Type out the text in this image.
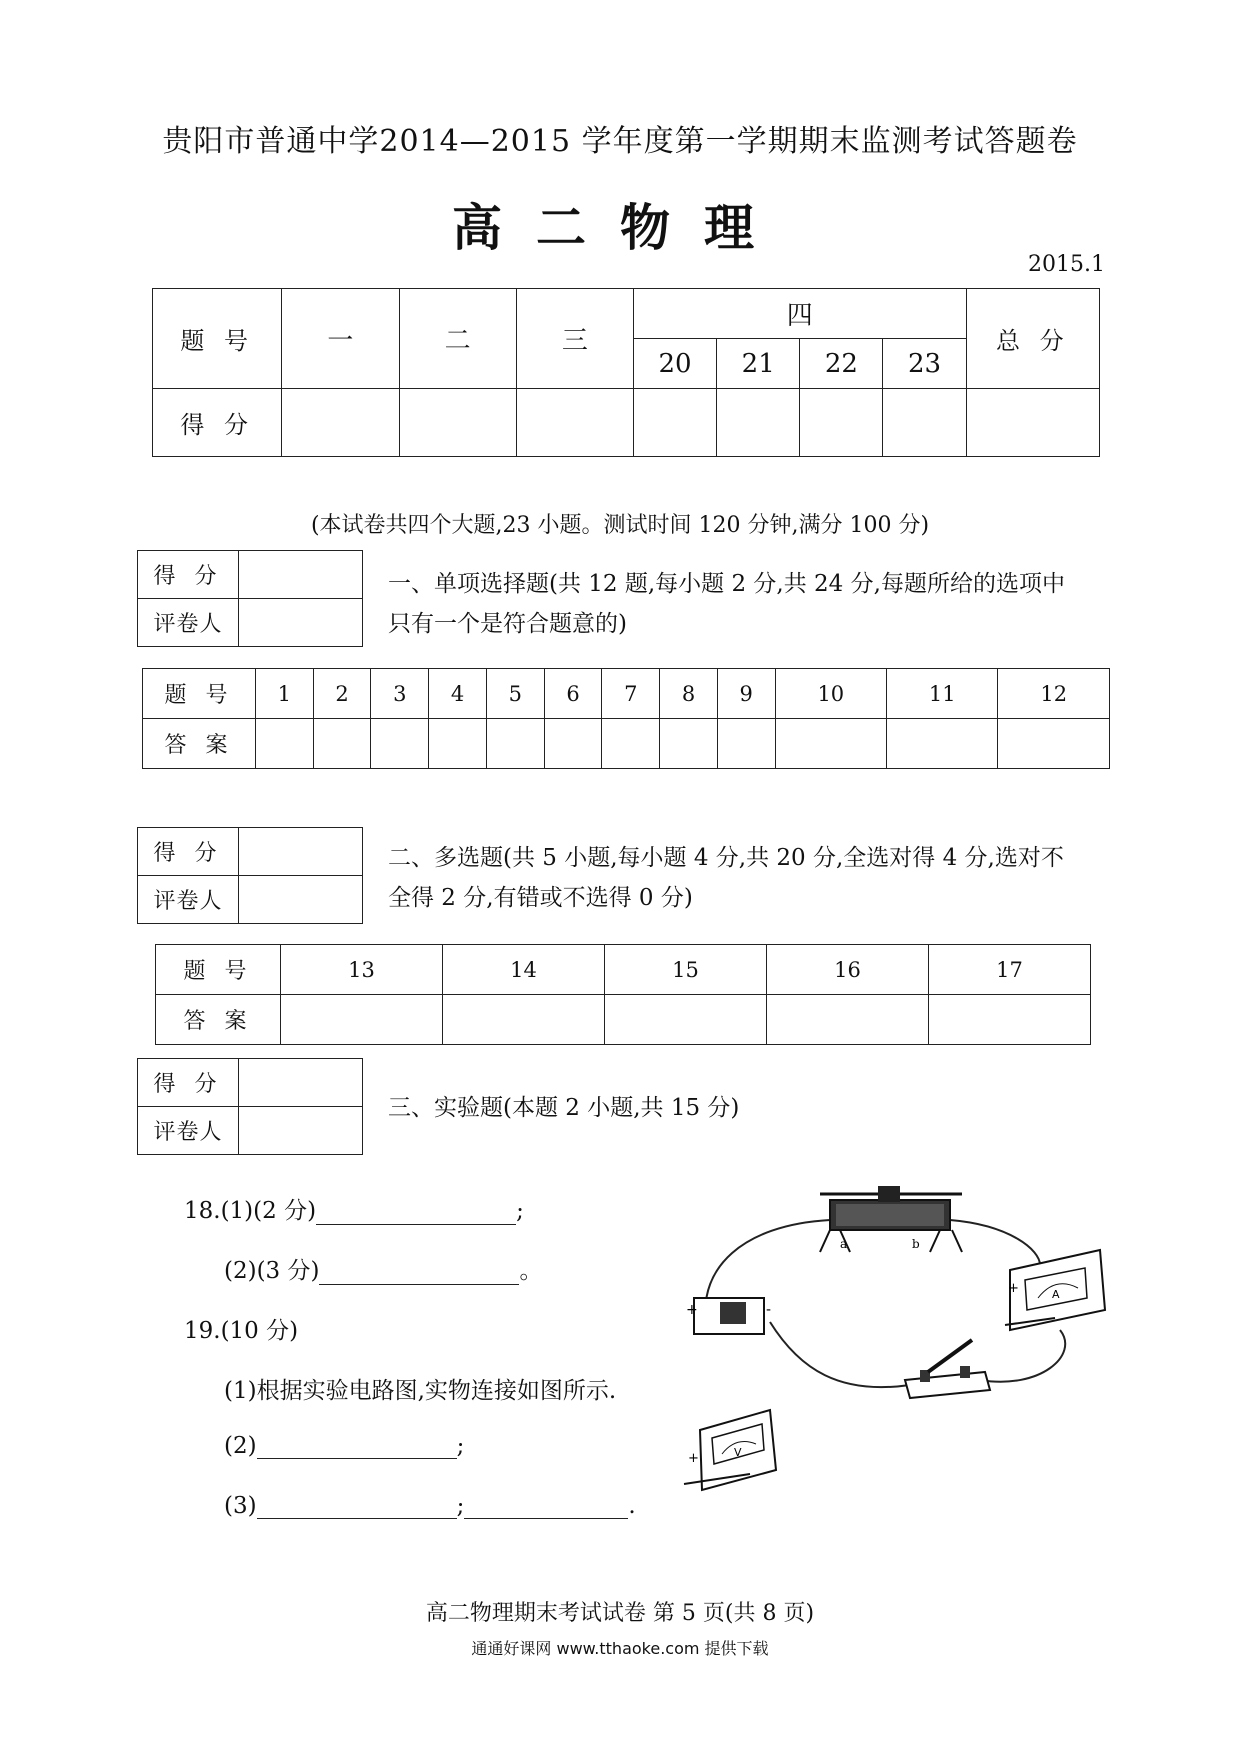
贵阳市普通中学2014—2015 学年度第一学期期末监测考试答题卷
高二物理
2015.1
题 号	一	二	三	四				总 分
				20	21	22	23	
得 分								
(本试卷共四个大题,23 小题。测试时间 120 分钟,满分 100 分)
得 分	
评卷人	
一、单项选择题(共 12 题,每小题 2 分,共 24 分,每题所给的选项中
只有一个是符合题意的)
题 号	1	2	3	4	5	6	7	8	9	10	11	12
答 案												
得 分	
评卷人	
二、多选题(共 5 小题,每小题 4 分,共 20 分,全选对得 4 分,选对不
全得 2 分,有错或不选得 0 分)
题 号	13	14	15	16	17
答 案					
得 分	
评卷人	
三、实验题(本题 2 小题,共 15 分)
18.(1)(2 分)	;
(2)(3 分)	。
19.(10 分)
(1)根据实验电路图,实物连接如图所示.
(2)	;
(3)	;	.
a	b
+	-
A
+
V
+
高二物理期末考试试卷 第 5 页(共 8 页)
通通好课网 www.tthaoke.com 提供下载
